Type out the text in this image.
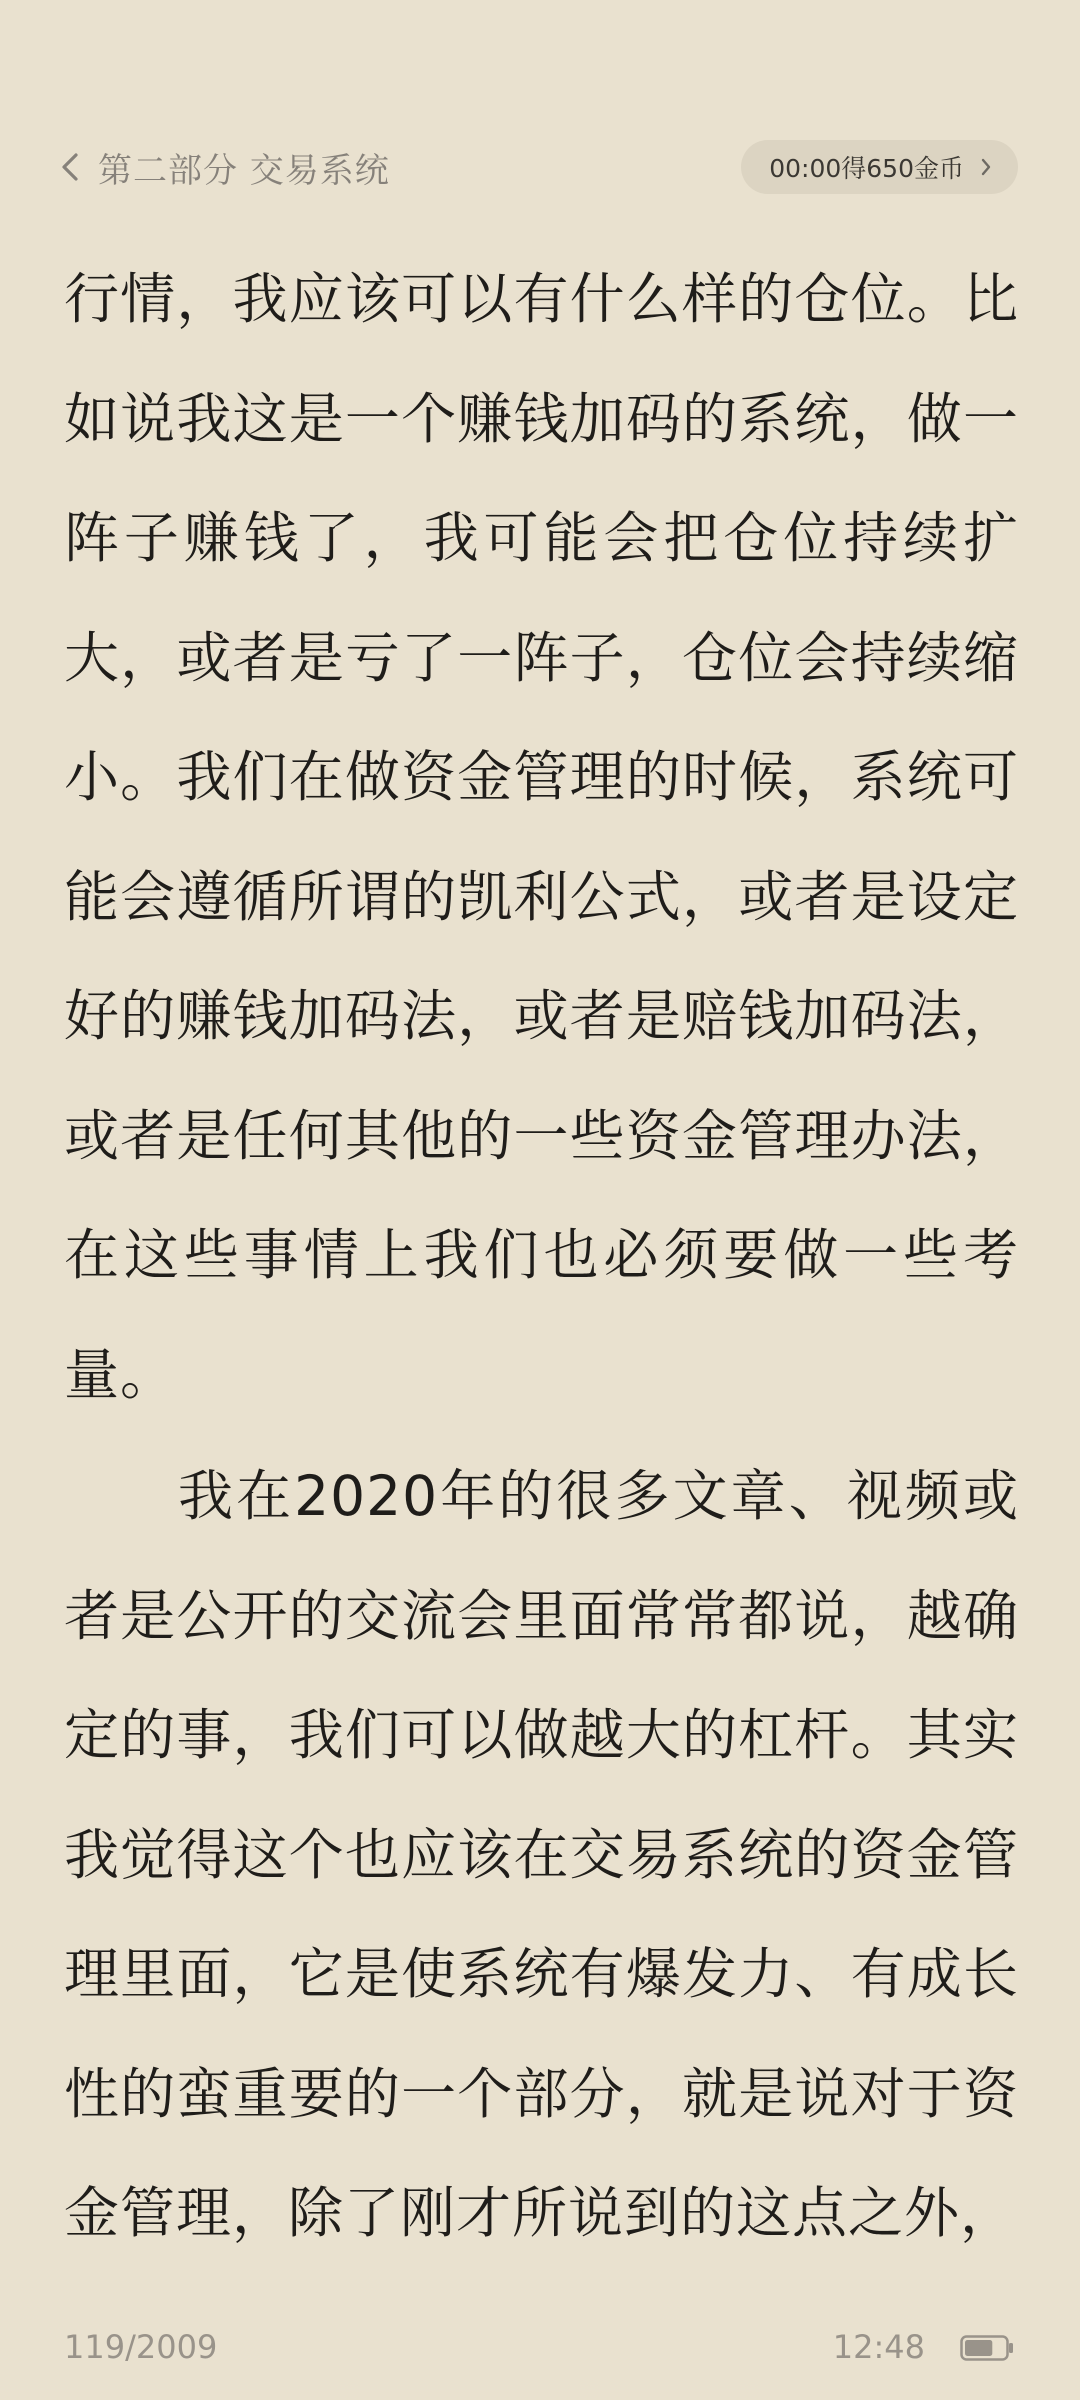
第二部分 交易系统	00:00得650金币

行情，我应该可以有什么样的仓位。比如说我这是一个赚钱加码的系统，做一阵子赚钱了，我可能会把仓位持续扩大，或者是亏了一阵子，仓位会持续缩小。我们在做资金管理的时候，系统可能会遵循所谓的凯利公式，或者是设定好的赚钱加码法，或者是赔钱加码法，或者是任何其他的一些资金管理办法，在这些事情上我们也必须要做一些考量。

我在2020年的很多文章、视频或者是公开的交流会里面常常都说，越确定的事，我们可以做越大的杠杆。其实我觉得这个也应该在交易系统的资金管理里面，它是使系统有爆发力、有成长性的蛮重要的一个部分，就是说对于资金管理，除了刚才所说到的这点之外，

119/2009	12:48
